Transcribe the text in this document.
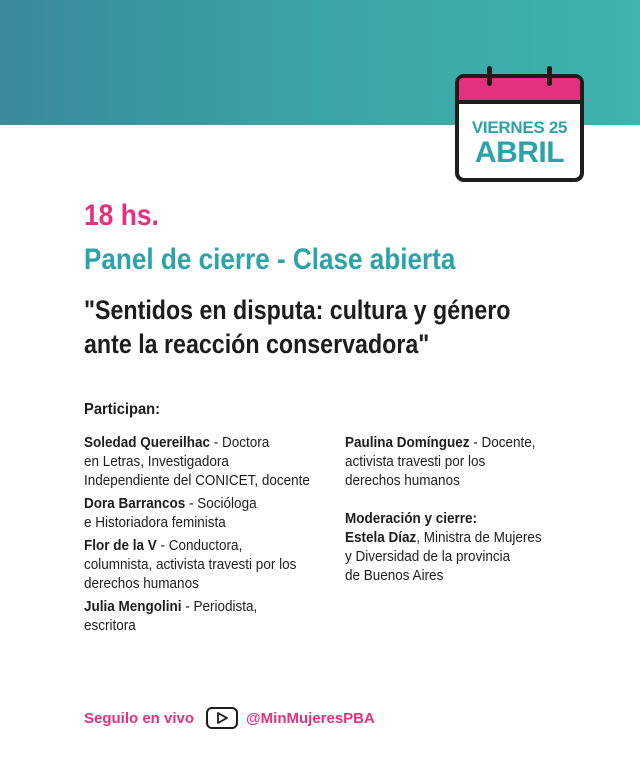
VIERNES 25
ABRIL
18 hs.
Panel de cierre - Clase abierta
"Sentidos en disputa: cultura y género
ante la reacción conservadora"
Participan:
Soledad Quereilhac - Doctora
en Letras, Investigadora
Independiente del CONICET, docente
Dora Barrancos - Socióloga
e Historiadora feminista
Flor de la V - Conductora,
columnista, activista travesti por los
derechos humanos
Julia Mengolini - Periodista,
escritora
Paulina Domínguez - Docente,
activista travesti por los
derechos humanos
Moderación y cierre:
Estela Díaz, Ministra de Mujeres
y Diversidad de la provincia
de Buenos Aires
Seguilo en vivo	@MinMujeresPBA
